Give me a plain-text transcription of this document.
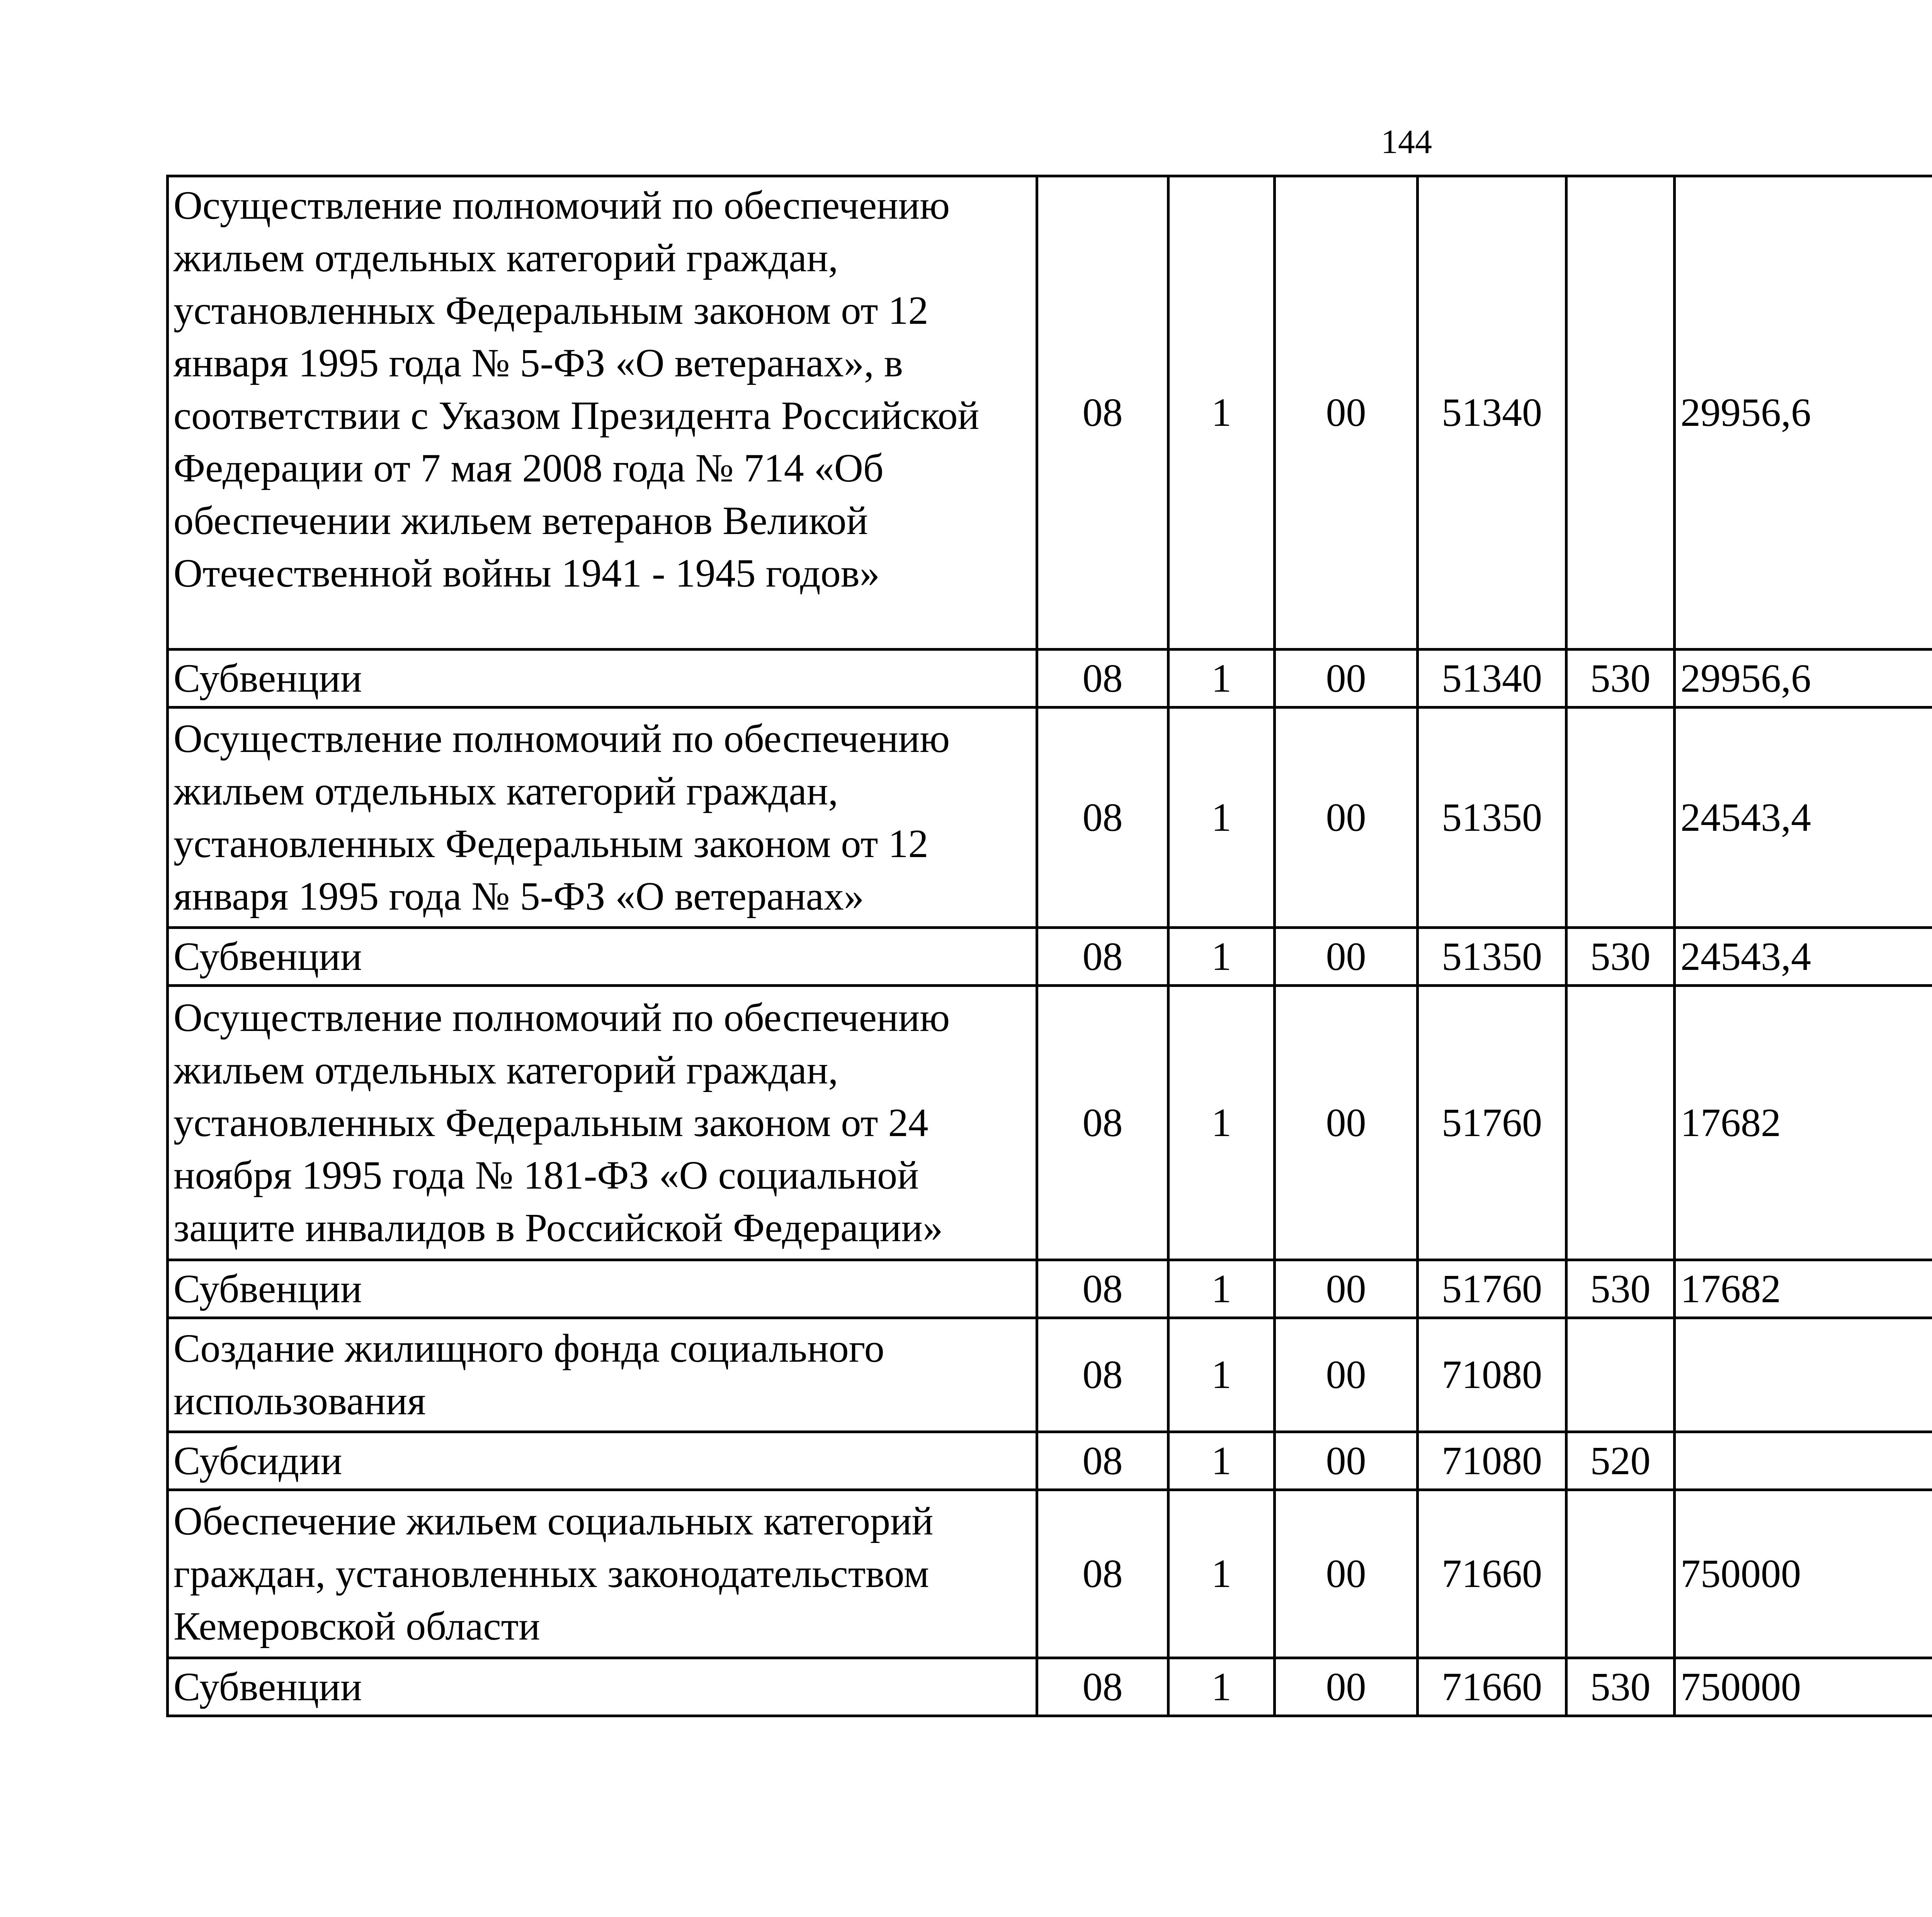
144
Осуществление полномочий по обеспечению жильем отдельных категорий граждан, установленных Федеральным законом от 12 января 1995 года № 5-ФЗ «О ветеранах», в соответствии с Указом Президента Российской Федерации от 7 мая 2008 года № 714 «Об обеспечении жильем ветеранов Великой Отечественной войны 1941 - 1945 годов»	08	1	00	51340		29956,6		
Субвенции	08	1	00	51340	530	29956,6		
Осуществление полномочий по обеспечению жильем отдельных категорий граждан, установленных Федеральным законом от 12 января 1995 года № 5-ФЗ «О ветеранах»	08	1	00	51350		24543,4		
Субвенции	08	1	00	51350	530	24543,4		
Осуществление полномочий по обеспечению жильем отдельных категорий граждан, установленных Федеральным законом от 24 ноября 1995 года № 181-ФЗ «О социальной защите инвалидов в Российской Федерации»	08	1	00	51760		17682		
Субвенции	08	1	00	51760	530	17682		
Создание жилищного фонда социального использования	08	1	00	71080				
Субсидии	08	1	00	71080	520			
Обеспечение жильем социальных категорий граждан, установленных законодательством Кемеровской области	08	1	00	71660		750000		
Субвенции	08	1	00	71660	530	750000		
